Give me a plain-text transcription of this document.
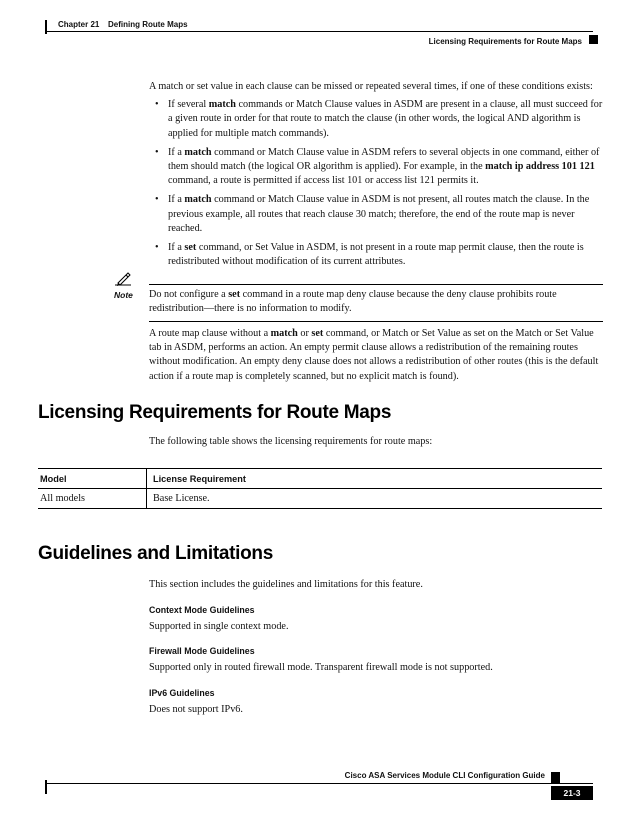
Chapter 21 Defining Route Maps
Licensing Requirements for Route Maps

A match or set value in each clause can be missed or repeated several times, if one of these conditions exists:

• If several match commands or Match Clause values in ASDM are present in a clause, all must succeed for a given route in order for that route to match the clause (in other words, the logical AND algorithm is applied for multiple match commands).
• If a match command or Match Clause value in ASDM refers to several objects in one command, either of them should match (the logical OR algorithm is applied). For example, in the match ip address 101 121 command, a route is permitted if access list 101 or access list 121 permits it.
• If a match command or Match Clause value in ASDM is not present, all routes match the clause. In the previous example, all routes that reach clause 30 match; therefore, the end of the route map is never reached.
• If a set command, or Set Value in ASDM, is not present in a route map permit clause, then the route is redistributed without modification of its current attributes.
Note Do not configure a set command in a route map deny clause because the deny clause prohibits route redistribution—there is no information to modify.

A route map clause without a match or set command, or Match or Set Value as set on the Match or Set Value tab in ASDM, performs an action. An empty permit clause allows a redistribution of the remaining routes without modification. An empty deny clause does not allows a redistribution of other routes (this is the default action if a route map is completely scanned, but no explicit match is found).

Licensing Requirements for Route Maps
The following table shows the licensing requirements for route maps:
Model	License Requirement
All models	Base License.
Guidelines and Limitations
This section includes the guidelines and limitations for this feature.
Context Mode Guidelines
Supported in single context mode.
Firewall Mode Guidelines
Supported only in routed firewall mode. Transparent firewall mode is not supported.
IPv6 Guidelines
Does not support IPv6.
Cisco ASA Services Module CLI Configuration Guide
21-3
